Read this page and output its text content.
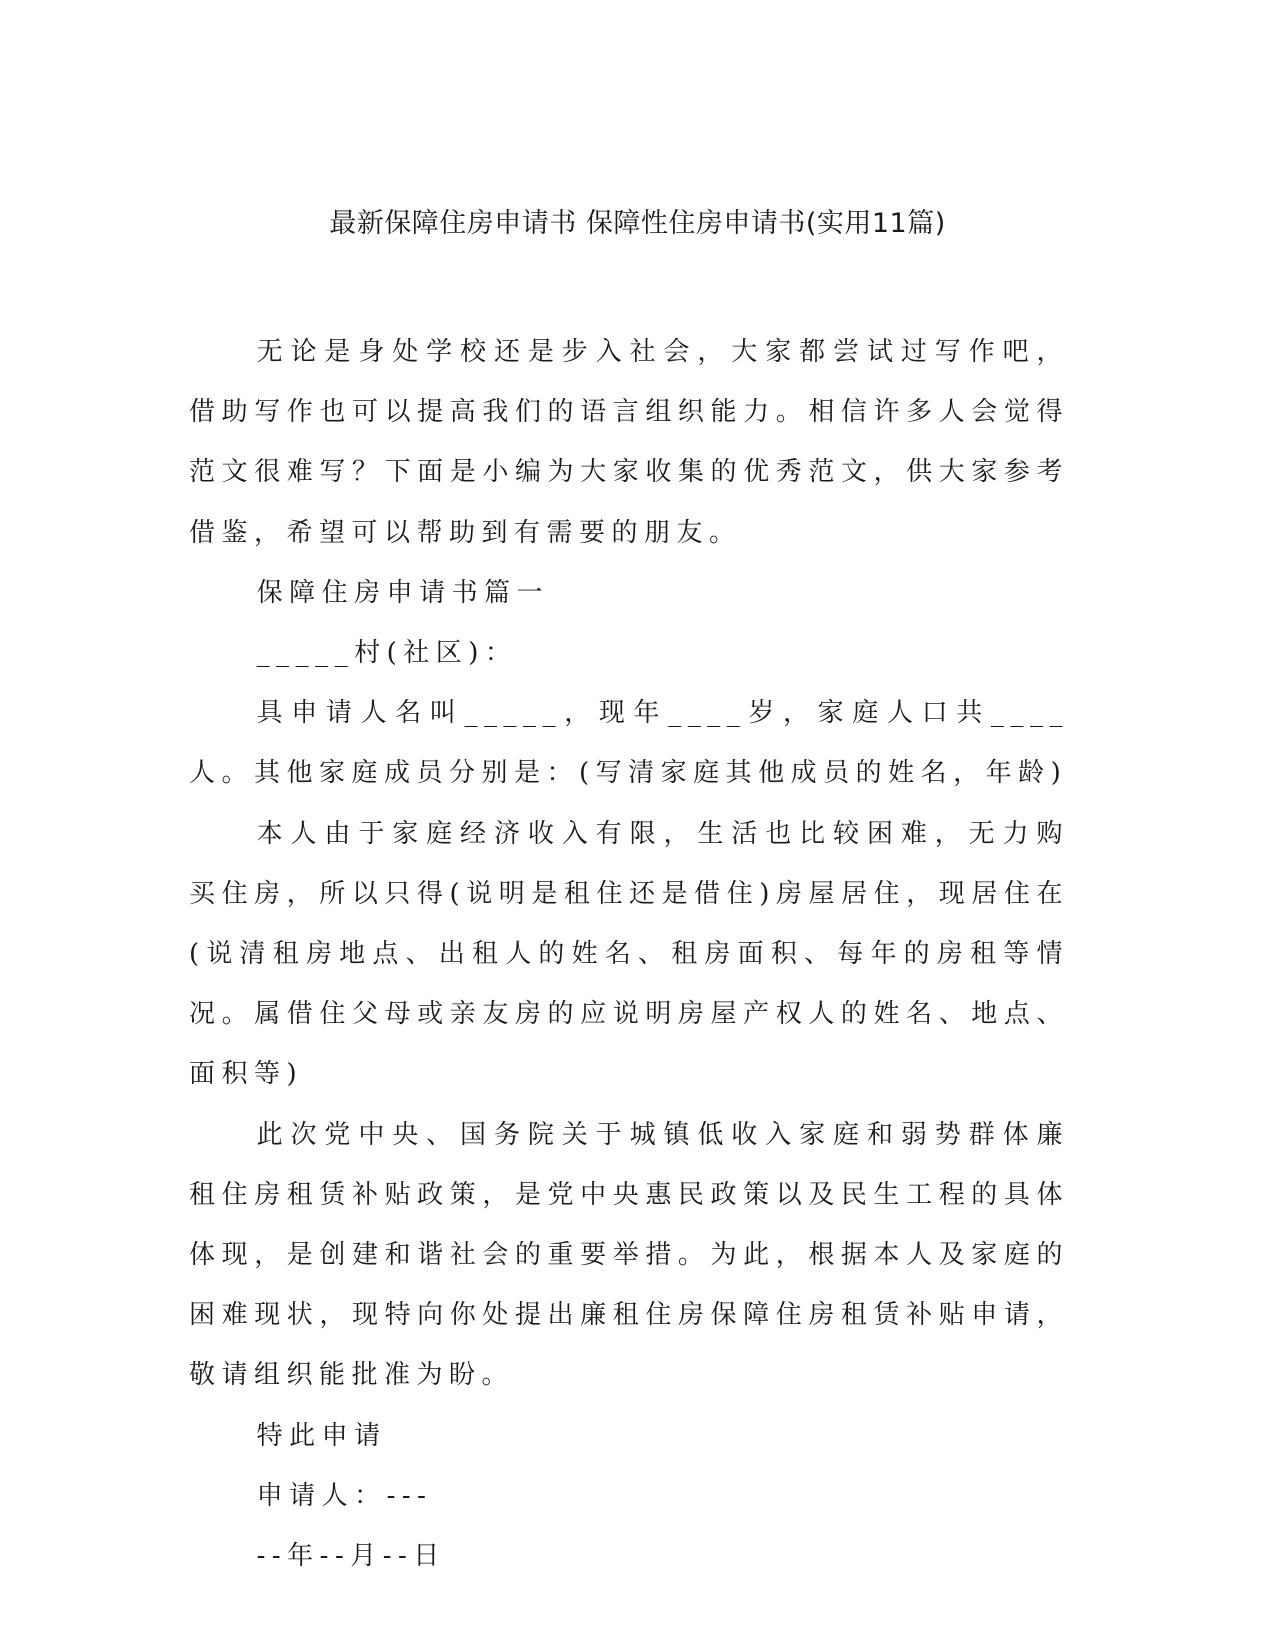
最新保障住房申请书 保障性住房申请书(实用11篇)

无论是身处学校还是步入社会，大家都尝试过写作吧，借助写作也可以提高我们的语言组织能力。相信许多人会觉得范文很难写？下面是小编为大家收集的优秀范文，供大家参考借鉴，希望可以帮助到有需要的朋友。

保障住房申请书篇一

_____村(社区)：

具申请人名叫_____，现年____岁，家庭人口共____人。其他家庭成员分别是：(写清家庭其他成员的姓名，年龄)

本人由于家庭经济收入有限，生活也比较困难，无力购买住房，所以只得(说明是租住还是借住)房屋居住，现居住在(说清租房地点、出租人的姓名、租房面积、每年的房租等情况。属借住父母或亲友房的应说明房屋产权人的姓名、地点、面积等)

此次党中央、国务院关于城镇低收入家庭和弱势群体廉租住房租赁补贴政策，是党中央惠民政策以及民生工程的具体体现，是创建和谐社会的重要举措。为此，根据本人及家庭的困难现状，现特向你处提出廉租住房保障住房租赁补贴申请，敬请组织能批准为盼。

特此申请

申请人：---

--年--月--日
